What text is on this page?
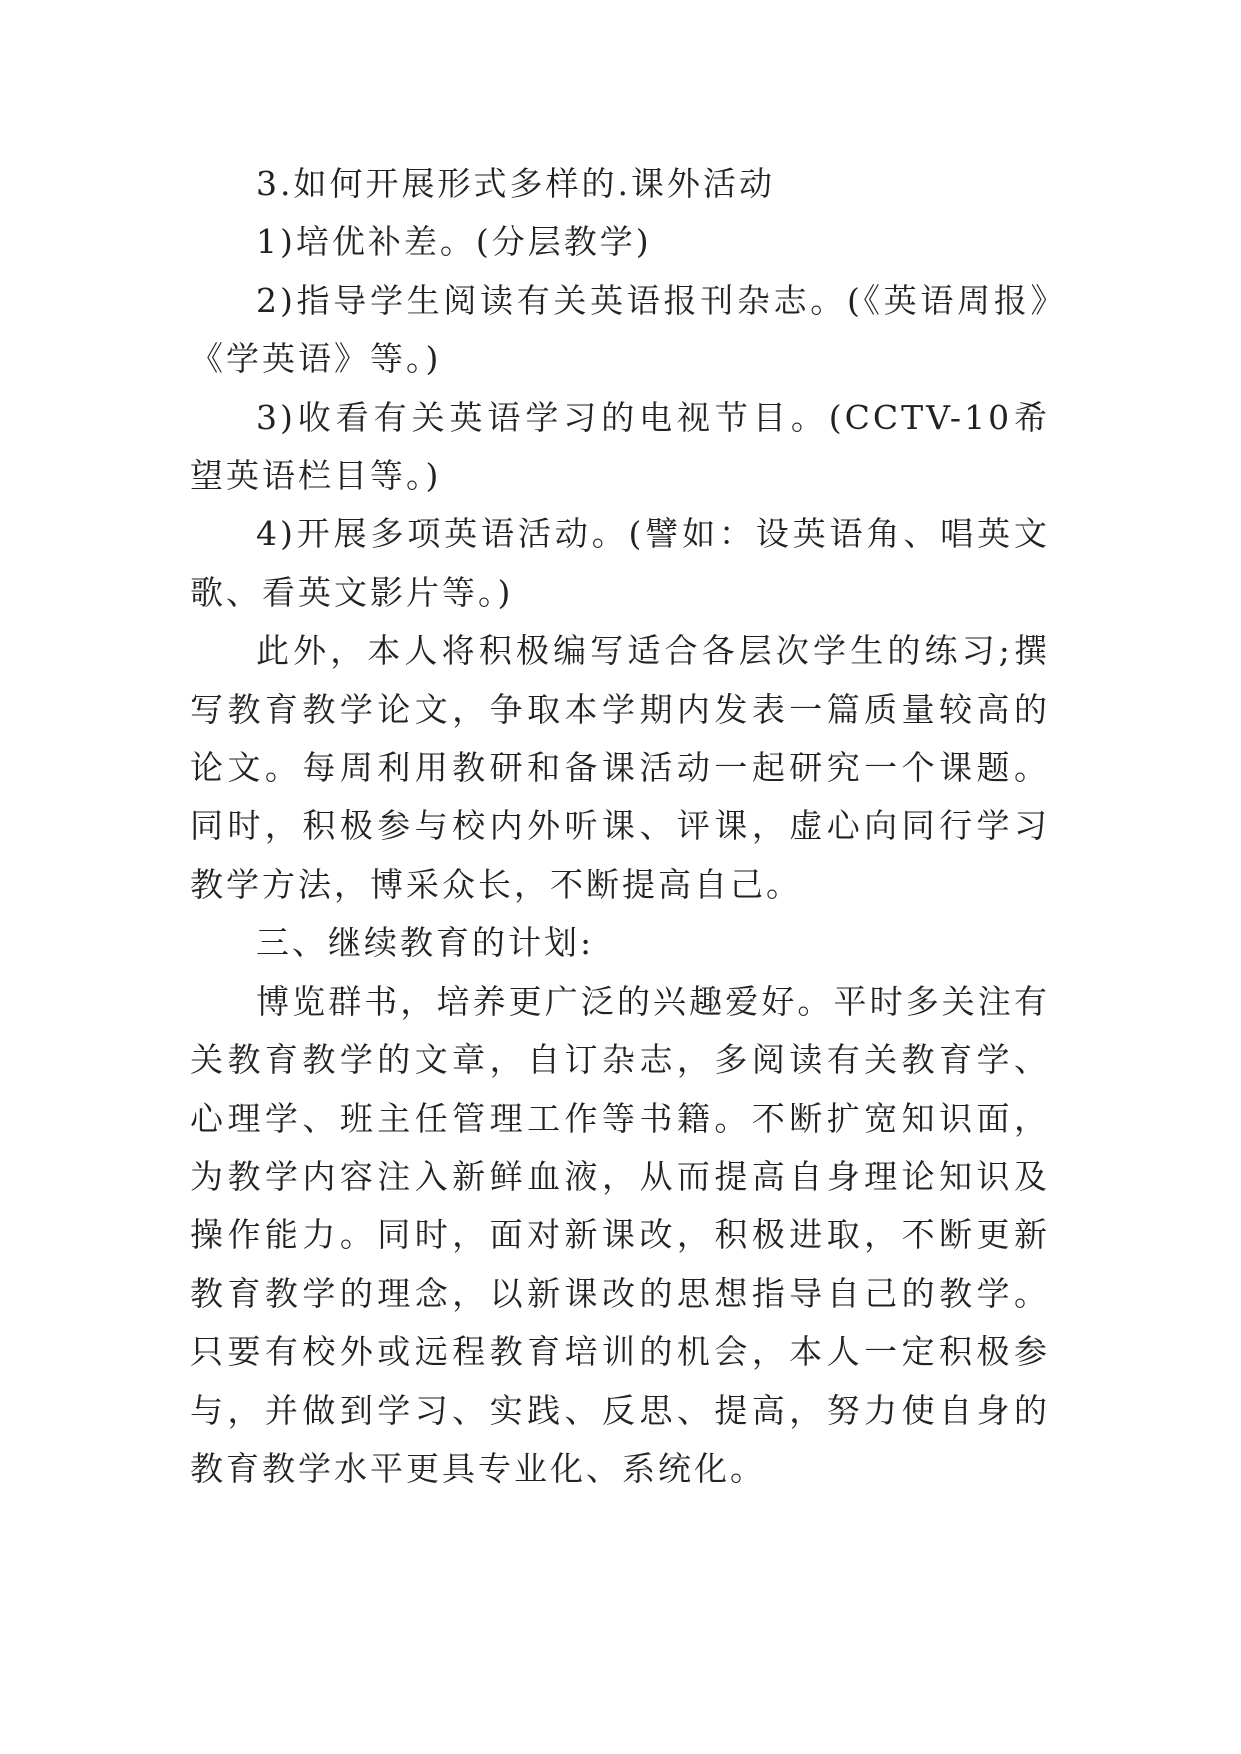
3.如何开展形式多样的.课外活动

1)培优补差。(分层教学)

2)指导学生阅读有关英语报刊杂志。(《英语周报》《学英语》等。)

3)收看有关英语学习的电视节目。(CCTV-10希望英语栏目等。)

4)开展多项英语活动。(譬如：设英语角、唱英文歌、看英文影片等。)

此外，本人将积极编写适合各层次学生的练习;撰写教育教学论文，争取本学期内发表一篇质量较高的论文。每周利用教研和备课活动一起研究一个课题。同时，积极参与校内外听课、评课，虚心向同行学习教学方法，博采众长，不断提高自己。

三、继续教育的计划:

博览群书，培养更广泛的兴趣爱好。平时多关注有关教育教学的文章，自订杂志，多阅读有关教育学、心理学、班主任管理工作等书籍。不断扩宽知识面，为教学内容注入新鲜血液，从而提高自身理论知识及操作能力。同时，面对新课改，积极进取，不断更新教育教学的理念，以新课改的思想指导自己的教学。只要有校外或远程教育培训的机会，本人一定积极参与，并做到学习、实践、反思、提高，努力使自身的教育教学水平更具专业化、系统化。
